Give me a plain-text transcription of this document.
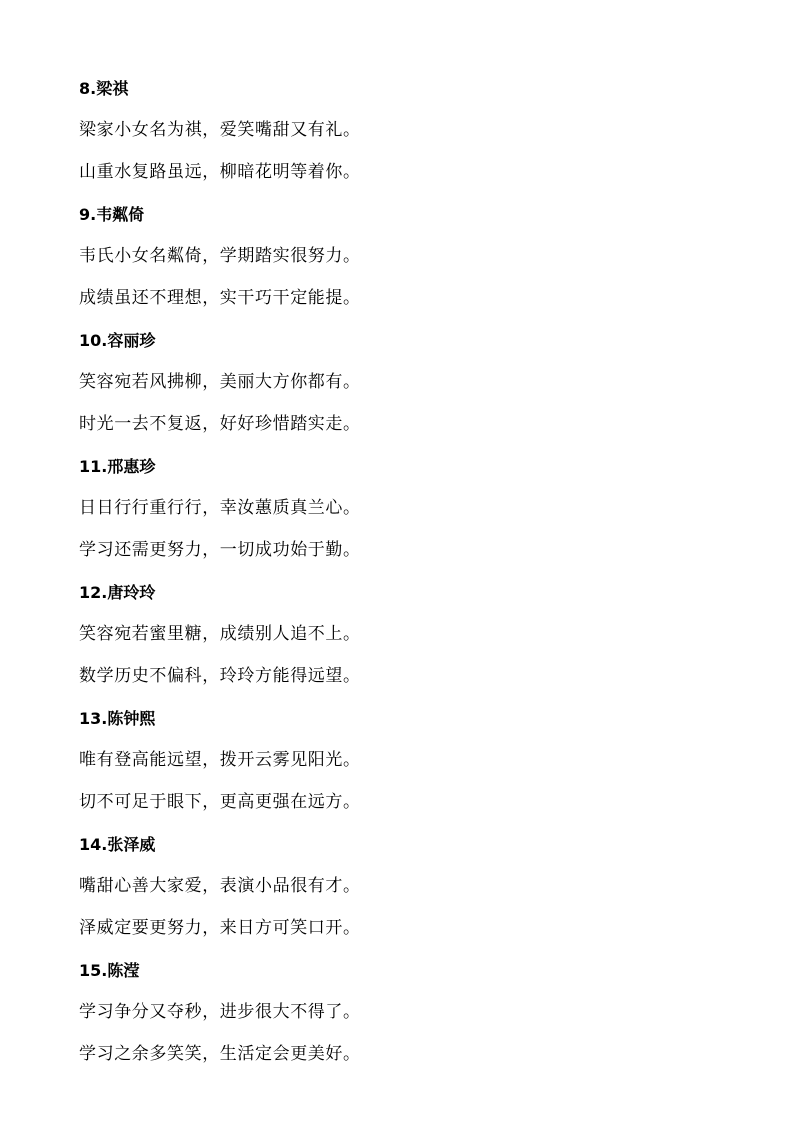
8.梁祺
梁家小女名为祺，爱笑嘴甜又有礼。
山重水复路虽远，柳暗花明等着你。
9.韦粼倚
韦氏小女名粼倚，学期踏实很努力。
成绩虽还不理想，实干巧干定能提。
10.容丽珍
笑容宛若风拂柳，美丽大方你都有。
时光一去不复返，好好珍惜踏实走。
11.邢惠珍
日日行行重行行，幸汝蕙质真兰心。
学习还需更努力，一切成功始于勤。
12.唐玲玲
笑容宛若蜜里糖，成绩别人追不上。
数学历史不偏科，玲玲方能得远望。
13.陈钟熙
唯有登高能远望，拨开云雾见阳光。
切不可足于眼下，更高更强在远方。
14.张泽威
嘴甜心善大家爱，表演小品很有才。
泽威定要更努力，来日方可笑口开。
15.陈滢
学习争分又夺秒，进步很大不得了。
学习之余多笑笑，生活定会更美好。
